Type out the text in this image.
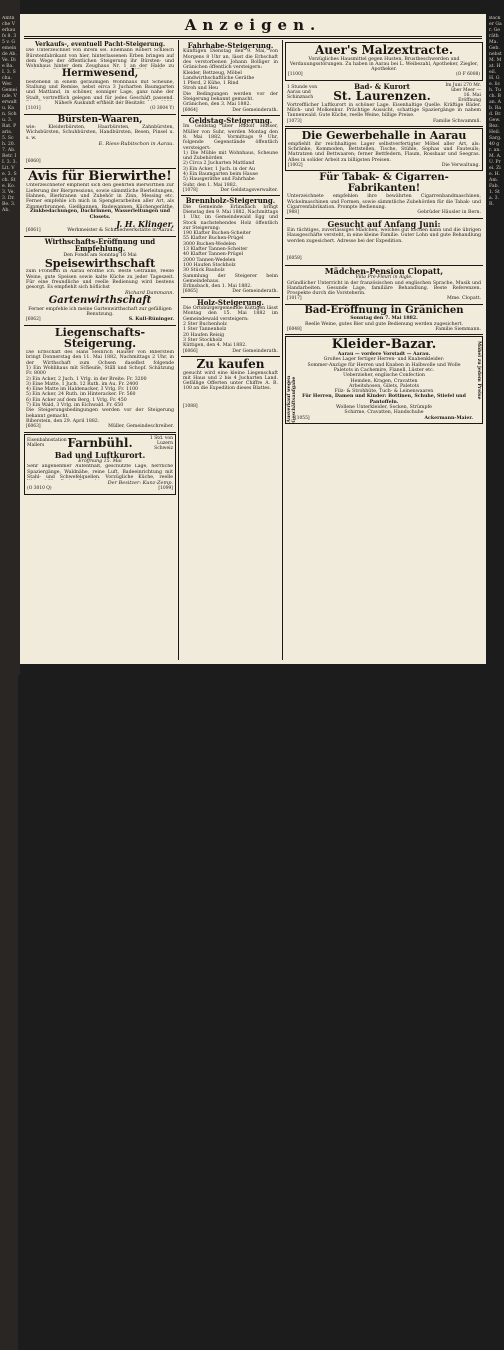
Amtliche Verkaufs 8. 35 v. Gemeinde Ab. Ve. Die Ba. I. 3. Schu. Wer. Gemeinde. Verwaltu. Kan. Schu. 3. Rat. Paris. 5. Sch. 20. 7. Ab. Betr. II. 3. 3. Lit. Ve. 3. Sch. Ste. Ko. 3. Ve. 3. Dr. Be. 3. Ab.
Bäcker Gar. Geräth Ma. Geb. nebst M. Mat. Heil. H. Ge. lich. Tuch. Ban. Ab. Rad. Br. Gew. Bez. Heil. Sarg. 40 gr. an. M. A. U. Prei. Zie. H. Am. Fab. 1. Sta. 3. R.
Anzeigen.
Verkaufs-, eventuell Pacht-Steigerung.
Die Unterzeichnet von ihrem sel. Ehemann Robert Schleich Bürstenfabrikant von hier, hinterlassenen Erben bringen auf dem Wege der öffentlichen Steigerung ihr Bürsten- und Wohnhaus hinter dem Zeughaus Nr. 1 an der Halde zu
Hermwesend,
bestehend in einem geräumigen Wohnhaus mit Scheune, Stallung und Remise, nebst eirca 3 Jucharten Baumgarten und Mattland, in schöner, sonniger Lage, ganz nahe der Stadt, vortrefflich gelegen und für jedes Geschäft passend.
Nähere Auskunft ertheilt der Besitzer.
[1101]	(O 3004 Y)
Bürsten-Waaren,
wie: Kleiderbürsten, Haarbürsten, Zahnbürsten, Wichsbürsten, Schuhbürsten, Handbürsten, Besen, Pinsel u. s. w.
E. Riess-Rubitschon in Aarau.
[6060]
Avis für Bierwirthe!
Unterzeichneter empfiehlt sich den geehrten Bierwirthen zur Lieferung der Bierpressions, sowie sämmtliche Bierleitungen, Hahnen, Bierkranen und Zubehör in Zinn, Messing etc. Ferner empfehle ich mich in Spenglerarbeiten aller Art, als Zimmerbrunnen, Gießkannen, Badewannen, Küchengeräthe,
Zinkbedachungen, Dachrinnen, Wasserleitungen und Closets.
J. H. Klinger,
[6061]	Werkmeister & Schmiedwerkstätte in Aarau.
Wirthschafts-Eröffnung und Empfehlung.
Den Fonds am Sonntag 16 Mai
Speisewirthschaft
zum Frohsinn in Aarau eröffne ich. Beste Getränke, reelle Weine, gute Speisen sowie kalte Küche zu jeder Tageszeit. Für eine freundliche und reelle Bedienung wird bestens gesorgt. Es empfiehlt sich höflichst
Richard Dammann.
Gartenwirthschaft
Ferner empfehle ich meine Gartenwirthschaft zur gefälligen Benutzung.
[6062]	S. Kull-Rüninger.
Liegenschafts-Steigerung.
Die Erbschaft des Hans Heinrich Hauser von Biberstein bringt Donnerstag den 11. Mai 1882, Nachmittags 2 Uhr, in der Wirthschaft zum Ochsen daselbst folgende
1) Ein Wohnhaus mit Scheune, Stall und Schopf. Schätzung Fr. 8000
2) Ein Acker, 2 Juch. 1 Vrlg. in der Breite. Fr. 3200
3) Eine Matte, 1 Juch. 12 Ruth. im Au. Fr. 2400
4) Eine Matte im Haldenacker, 3 Vrlg. Fr. 1100
5) Ein Acker, 24 Ruth. im Hinteracker. Fr. 560
6) Ein Acker auf dem Berg, 1 Vrlg. Fr. 450
7) Ein Wald, 3 Vrlg. im Eichwald. Fr. 650
Die Steigerungsbedingungen werden vor der Steigerung bekannt gemacht.
Biberstein, den 29. April 1882.
[6063]	Müller, Gemeindeschreiber.
Eisenbahnstation Mallers	Farnbühl.	1 Std. von Luzern Schweiz
Bad und Luftkurort.
Eröffnung 15. Mai
Sehr angenehmer Aufenthalt, geschützte Lage, herrliche Spaziergänge, Waldnähe, reine Luft, Badeeinrichtung mit Stahl- und Schwefelquellen. Vorzügliche Küche, reelle
Der Besitzer: Kunz-Zemp.
(O 3010 Q)	[1099]
Fahrhabe-Steigerung.
Künftigen Dienstag den 9. Mai, von Morgens 8 Uhr an, lässt die Erbschaft des verstorbenen Johann Bolliger in Gränichen öffentlich versteigern:
Kleider, Bettzeug, Möbel
Landwirthschaftliche Geräthe
1 Pferd, 2 Kühe, 1 Rind
Stroh und Heu
Die Bedingungen werden vor der Steigerung bekannt gemacht.
Gränichen, den 3. Mai 1882.
[6064]	Der Gemeinderath.
Geldstag-Steigerung.
Im Geldstag über Rudolf Hüsser, Müller von Suhr, werden Montag den 8. Mai 1882, Vormittags 9 Uhr, folgende Gegenstände öffentlich versteigert:
1) Die Mühle mit Wohnhaus, Scheune und Zubehörden
2) Circa 2 Jucharten Mattland
3) Ein Acker, 1 Juch. in der Au
4) Ein Baumgarten beim Hause
5) Hausgeräthe und Fahrhabe
Suhr, den 1. Mai 1882.
[1078]	Der Geldstagsverwalter.
Brennholz-Steigerung.
Die Gemeinde Erlinsbach bringt Dienstag den 9. Mai 1882, Nachmittags 1 Uhr, im Gemeindewald Egg und Stock nachstehendes Holz öffentlich zur Steigerung:
190 Klafter Buchen-Scheiter
55 Klafter Buchen-Prügel
3000 Buchen-Wedelen
13 Klafter Tannen-Scheiter
40 Klafter Tannen-Prügel
2000 Tannen-Wedelen
100 Haufen Stockholz
30 Stück Bauholz
Sammlung der Steigerer beim Gemeindehaus.
Erlinsbach, den 1. Mai 1882.
[6065]	Der Gemeinderath.
Holz-Steigerung.
Die Ortsbürgergemeinde Küttigen lässt Montag den 15. Mai 1882 im Gemeindewald versteigern:
2 Ster Buchenholz
1 Ster Tannenholz
20 Haufen Reisig
3 Ster Stockholz
Küttigen, den 4. Mai 1882.
[6066]	Der Gemeinderath.
Zu kaufen
gesucht wird eine kleine Liegenschaft mit Haus und 2 bis 4 Jucharten Land. Gefällige Offerten unter Chiffre A. B. 100 an die Expedition dieses Blattes.
[1088]
Auer's Malzextracte.
Vorzügliches Hausmittel gegen Husten, Brustbeschwerden und Verdauungsstörungen. Zu haben in Aarau bei L. Weibezahl, Apotheker, Ziegler, Apotheker.
[1100]	(O F 6008)
1 Stunde von Aarau und Schinznach
Bad- & Kurort
St. Laurenzen.
Im Juni 270 Mr. über Meer — 16. Mai Eröffnung
Vortrefflicher Luftkurort in schöner Lage. Eisenhaltige Quelle. Kräftige Bäder. Milch- und Molkenkur. Prächtige Aussicht, schattige Spaziergänge in nahem Tannenwald. Gute Küche, reelle Weine, billige Preise.
[1073]	Familie Schwammli.
Die Gewerbehalle in Aarau
empfiehlt ihr reichhaltiges Lager selbstverfertigter Möbel aller Art, als: Schränke, Kommoden, Bettstellen, Tische, Stühle, Sophas und Fauteuils; Matratzen und Bettwaaren; ferner Bettfedern, Flaum, Rosshaar und Seegras. Alles in solider Arbeit zu billigsten Preisen.
[1002]	Die Verwaltung.
Für Tabak- & Cigarren-Fabrikanten!
Unterzeichnete empfehlen ihre bewährten Cigarrenbandmaschinen, Wickelmaschinen und Formen, sowie sämmtliche Zubehörden für die Tabak- und Cigarrenfabrikation. Prompte Bedienung.
[988]	Gebrüder Häusler in Bern.
Gesucht auf Anfang Juni:
Ein tüchtiges, zuverlässiges Mädchen, welches gut kochen kann und die übrigen Hausgeschäfte versteht, in eine kleine Familie. Guter Lohn und gute Behandlung werden zugesichert. Adresse bei der Expedition.
[6058]
Mädchen-Pension Clopatt,
Villa Pré-Fleuri in Aigle.
Gründlicher Unterricht in der französischen und englischen Sprache, Musik und Handarbeiten. Gesunde Lage, familiäre Behandlung. Beste Referenzen. Prospekte durch die Vorsteherin.
[1017]	Mme. Clopatt.
Bad-Eröffnung in Gränichen
Sonntag den 7. Mai 1882.
Reelle Weine, gutes Bier und gute Bedienung werden zugesichert.
[6048]	Familie Siemmann.
Ausverkauf wegen Geschäftsaufgabe
Möbel zu jedem Preise
Kleider-Bazar.
Aarau — vordere Vorstadt — Aarau.
Großes Lager fertiger Herren- und Knabenkleider:
Sommer-Anzüge für Herren und Knaben in Halbwolle und Wolle
Paletots in Cachemire, Flanell, Lüster etc.
Ueberzieher, englische Confection
Hemden, Kragen, Cravatten
Arbeitshosen, Gilets, Paletots
Filz- & Strohhüte, Tuch- & Leinenwaaren
Für Herren, Damen und Kinder: Bottinen, Schuhe, Stiefel und Pantoffeln.
Wollene Unterkleider, Socken, Strümpfe
Schirme, Cravatten, Handschuhe
[1055]	Ackermann-Maier.
